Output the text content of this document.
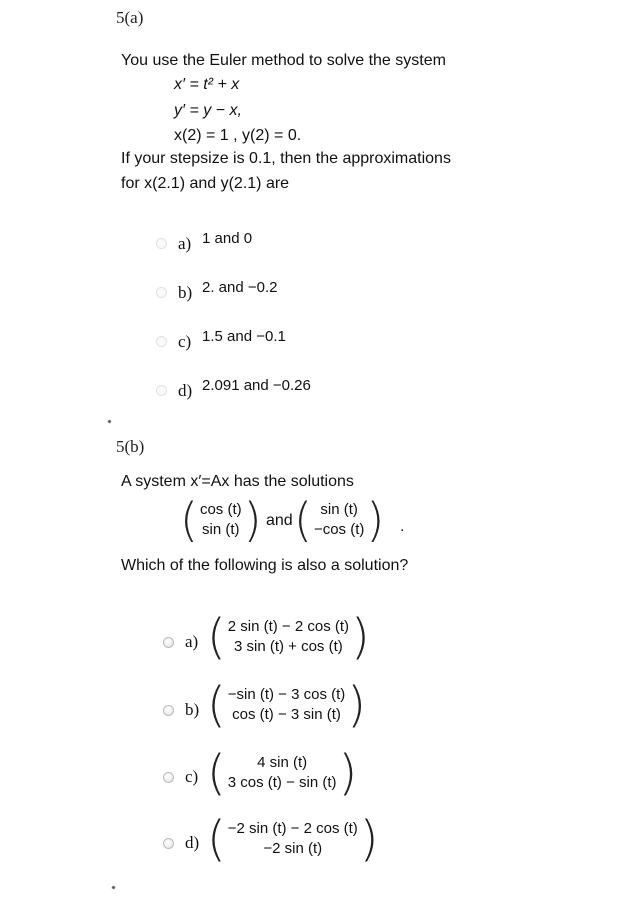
5(a)
You use the Euler method to solve the system
x′ = t² + x
y′ = y − x,
x(2) = 1 , y(2) = 0.
If your stepsize is 0.1, then the approximations
for x(2.1) and y(2.1) are
a) 1 and 0
b) 2. and −0.2
c) 1.5 and −0.1
d) 2.091 and −0.26
5(b)
A system x′=Ax has the solutions
( cos (t)
sin (t) ) and ( sin (t)
−cos (t) ) .
Which of the following is also a solution?
a) ( 2 sin (t) − 2 cos (t)
3 sin (t) + cos (t) )
b) ( −sin (t) − 3 cos (t)
cos (t) − 3 sin (t) )
c) ( 4 sin (t)
3 cos (t) − sin (t) )
d) ( −2 sin (t) − 2 cos (t)
−2 sin (t) )
